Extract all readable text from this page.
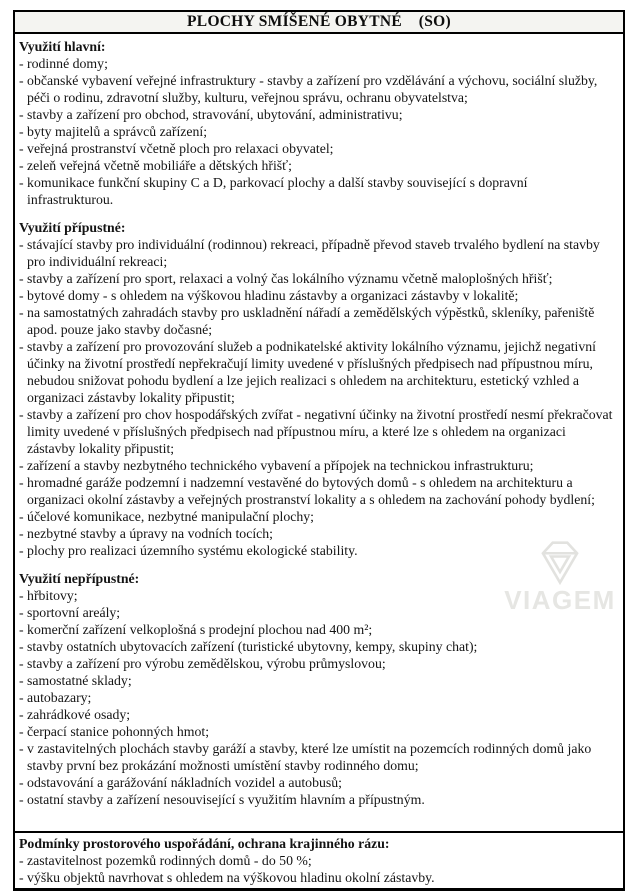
PLOCHY SMÍŠENÉ OBYTNÉ    (SO)
VIAGEM
Využití hlavní:
- rodinné domy;
- občanské vybavení veřejné infrastruktury - stavby a zařízení pro vzdělávání a výchovu, sociální služby, péči o rodinu, zdravotní služby, kulturu, veřejnou správu, ochranu obyvatelstva;
- stavby a zařízení pro obchod, stravování, ubytování, administrativu;
- byty majitelů a správců zařízení;
- veřejná prostranství včetně ploch pro relaxaci obyvatel;
- zeleň veřejná včetně mobiliáře a dětských hřišť;
- komunikace funkční skupiny C a D, parkovací plochy a další stavby související s dopravní infrastrukturou.
Využití přípustné:
- stávající stavby pro individuální (rodinnou) rekreaci, případně převod staveb trvalého bydlení na stavby pro individuální rekreaci;
- stavby a zařízení pro sport, relaxaci a volný čas lokálního významu včetně maloplošných hřišť;
- bytové domy - s ohledem na výškovou hladinu zástavby a organizaci zástavby v lokalitě;
- na samostatných zahradách stavby pro uskladnění nářadí a zemědělských výpěstků, skleníky, pařeniště apod. pouze jako stavby dočasné;
- stavby a zařízení pro provozování služeb a podnikatelské aktivity lokálního významu, jejichž negativní účinky na životní prostředí nepřekračují limity uvedené v příslušných předpisech nad přípustnou míru, nebudou snižovat pohodu bydlení a lze jejich realizaci s ohledem na architekturu, estetický vzhled a organizaci zástavby lokality připustit;
- stavby a zařízení pro chov hospodářských zvířat - negativní účinky na životní prostředí nesmí překračovat limity uvedené v příslušných předpisech nad přípustnou míru, a které lze s ohledem na organizaci zástavby lokality připustit;
- zařízení a stavby nezbytného technického vybavení a přípojek na technickou infrastrukturu;
- hromadné garáže podzemní i nadzemní vestavěné do bytových domů - s ohledem na architekturu a organizaci okolní zástavby a veřejných prostranství lokality a s ohledem na zachování pohody bydlení;
- účelové komunikace, nezbytné manipulační plochy;
- nezbytné stavby a úpravy na vodních tocích;
- plochy pro realizaci územního systému ekologické stability.
Využití nepřípustné:
- hřbitovy;
- sportovní areály;
- komerční zařízení velkoplošná s prodejní plochou nad 400 m²;
- stavby ostatních ubytovacích zařízení (turistické ubytovny, kempy, skupiny chat);
- stavby a zařízení pro výrobu zemědělskou, výrobu průmyslovou;
- samostatné sklady;
- autobazary;
- zahrádkové osady;
- čerpací stanice pohonných hmot;
- v zastavitelných plochách stavby garáží a stavby, které lze umístit na pozemcích rodinných domů jako stavby první bez prokázání možnosti umístění stavby rodinného domu;
- odstavování a garážování nákladních vozidel a autobusů;
- ostatní stavby a zařízení nesouvisející s využitím hlavním a přípustným.
Podmínky prostorového uspořádání, ochrana krajinného rázu:
- zastavitelnost pozemků rodinných domů - do 50 %;
- výšku objektů navrhovat s ohledem na výškovou hladinu okolní zástavby.
